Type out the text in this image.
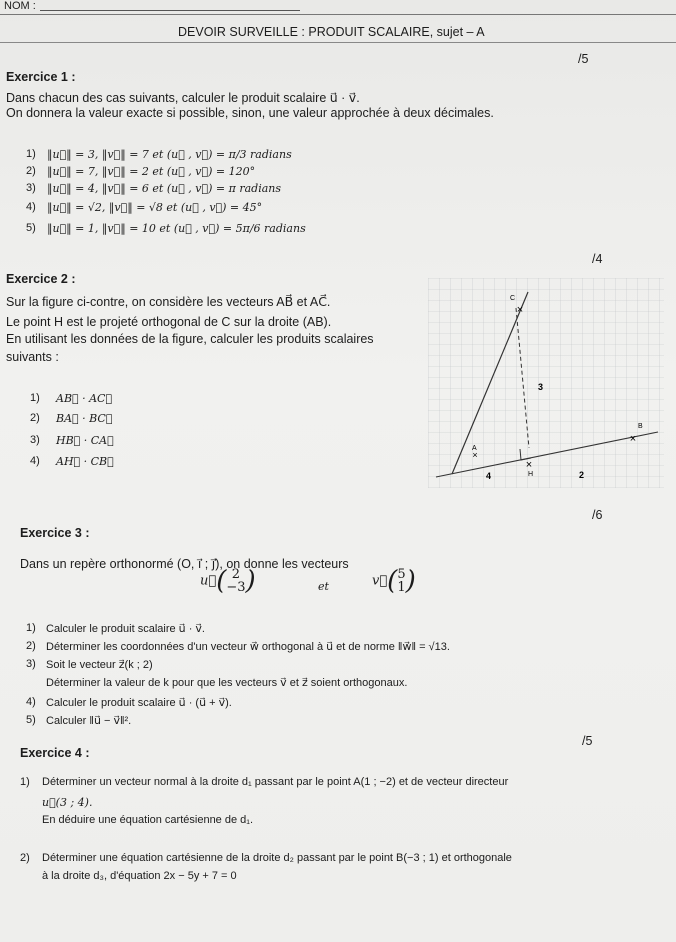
NOM :
DEVOIR SURVEILLE : PRODUIT SCALAIRE, sujet – A
/5
Exercice 1 :
Dans chacun des cas suivants, calculer le produit scalaire u⃗ · v⃗.
On donnera la valeur exacte si possible, sinon, une valeur approchée à deux décimales.
1) ‖u⃗‖ = 3, ‖v⃗‖ = 7 et (u⃗ , v⃗) = π/3 radians
2) ‖u⃗‖ = 7, ‖v⃗‖ = 2 et (u⃗ , v⃗) = 120°
3) ‖u⃗‖ = 4, ‖v⃗‖ = 6 et (u⃗ , v⃗) = π radians
4) ‖u⃗‖ = √2, ‖v⃗‖ = √8 et (u⃗ , v⃗) = 45°
5) ‖u⃗‖ = 1, ‖v⃗‖ = 10 et (u⃗ , v⃗) = 5π/6 radians
/4
Exercice 2 :
Sur la figure ci-contre, on considère les vecteurs AB⃗ et AC⃗.
Le point H est le projeté orthogonal de C sur la droite (AB).
En utilisant les données de la figure, calculer les produits scalaires
suivants :
1) AB⃗ · AC⃗
2) BA⃗ · BC⃗
3) HB⃗ · CA⃗
4) AH⃗ · CB⃗	×
×
×
×
A
B
C
H
4	2
3
/6
Exercice 3 :
Dans un repère orthonormé (O, i⃗ ; j⃗), on donne les vecteurs
u⃗( 2
−3 )	et	v⃗( 5
1 )
1) Calculer le produit scalaire u⃗ · v⃗.
2) Déterminer les coordonnées d'un vecteur w⃗ orthogonal à u⃗ et de norme ‖w⃗‖ = √13.
3) Soit le vecteur z⃗(k ; 2)
Déterminer la valeur de k pour que les vecteurs v⃗ et z⃗ soient orthogonaux.
4) Calculer le produit scalaire u⃗ · (u⃗ + v⃗).
5) Calculer ‖u⃗ − v⃗‖².
/5
Exercice 4 :
1) Déterminer un vecteur normal à la droite d₁ passant par le point A(1 ; −2) et de vecteur directeur
u⃗(3 ; 4).
En déduire une équation cartésienne de d₁.
2) Déterminer une équation cartésienne de la droite d₂ passant par le point B(−3 ; 1) et orthogonale
à la droite d₃, d'équation 2x − 5y + 7 = 0
